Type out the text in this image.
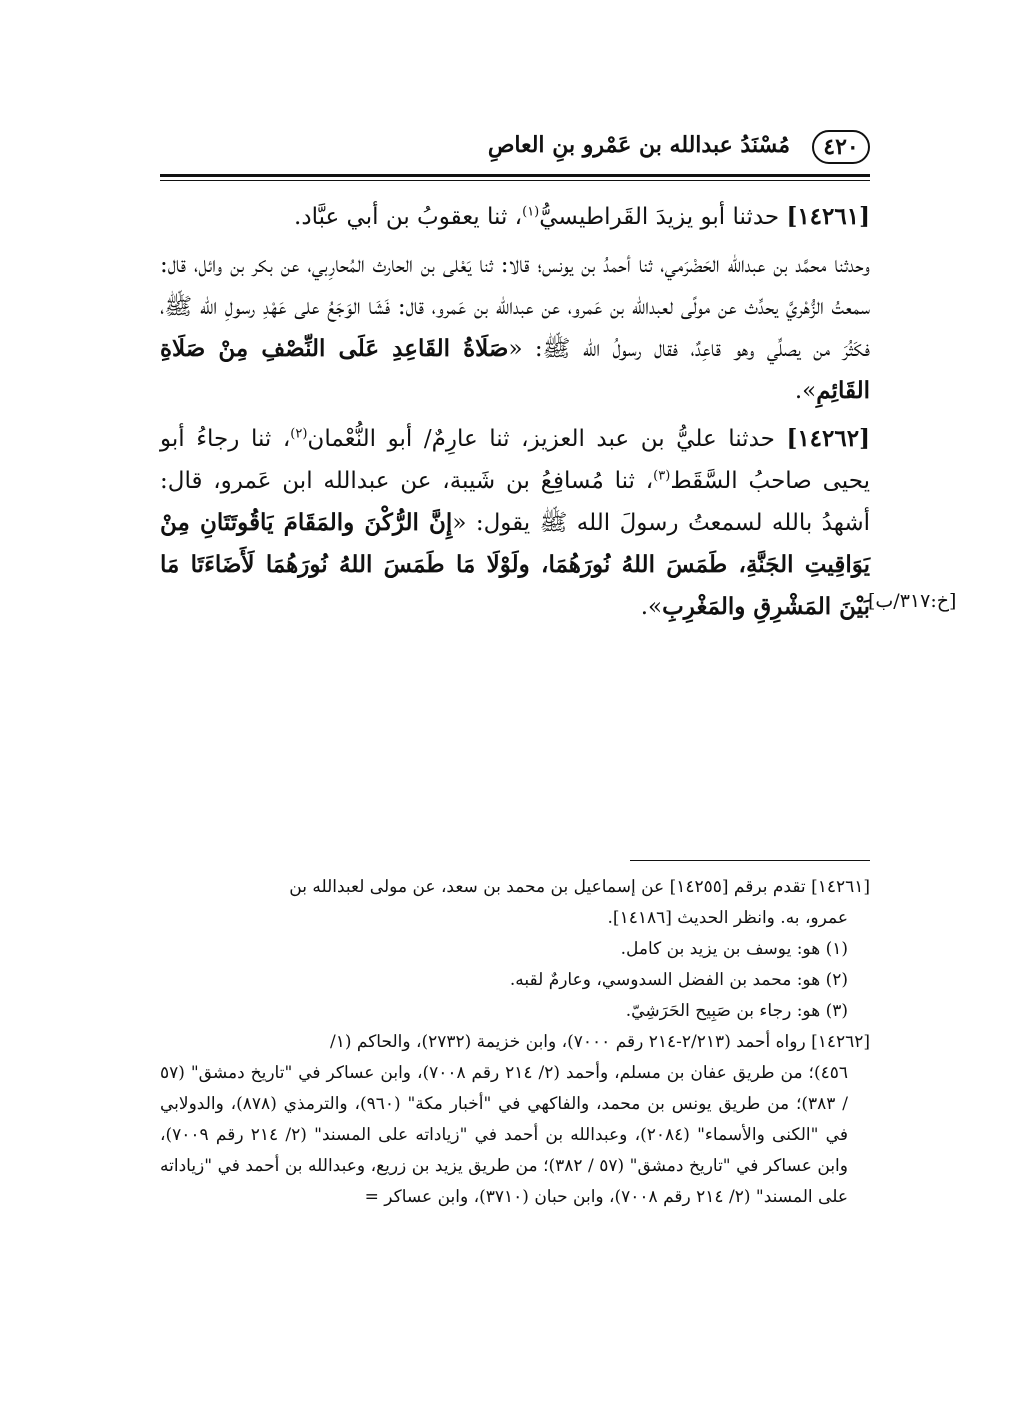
٤٢٠
مُسْنَدُ عبدالله بن عَمْرو بنِ العاصِ
[خ:٣١٧/ب]

[١٤٢٦١] حدثنا أبو يزيدَ القَراطيسيُّ$^{(١)}$، ثنا يعقوبُ بن أبي عبَّاد.

وحدثنا محمَّد بن عبدالله الحَضْرَمي، ثنا أحمدُ بن يونس؛ قالا: ثنا يَعْلى بن الحارث المُحارِبي، عن بكر بن وائل، قال: سمعتُ الزُّهْريَّ يحدِّث عن مولًى لعبدالله بن عَمرو، عن عبدالله بن عَمرو، قال: فَشَا الوَجَعُ على عَهْدِ رسولِ الله ﷺ، فكَثُرَ من يصلِّي وهو قاعِدٌ، فقال رسولُ الله ﷺ: «صَلَاةُ القَاعِدِ عَلَى النِّصْفِ مِنْ صَلَاةِ القَائِمِ».

[١٤٢٦٢] حدثنا عليُّ بن عبد العزيز، ثنا عارِمٌ/ أبو النُّعْمان$^{(٢)}$، ثنا رجاءُ أبو يحيى صاحبُ السَّقَط$^{(٣)}$، ثنا مُسافِعُ بن شَيبة، عن عبدالله ابن عَمرو، قال: أشهدُ بالله لسمعتُ رسولَ الله ﷺ يقول: «إِنَّ الرُّكْنَ والمَقَامَ يَاقُوتَتَانِ مِنْ يَوَاقِيتِ الجَنَّةِ، طَمَسَ اللهُ نُورَهُمَا، ولَوْلَا مَا طَمَسَ اللهُ نُورَهُمَا لَأَضَاءَتَا مَا بَيْنَ المَشْرِقِ والمَغْرِبِ».

[١٤٢٦١] تقدم برقم [١٤٢٥٥] عن إسماعيل بن محمد بن سعد، عن مولى لعبدالله بن

عمرو، به. وانظر الحديث [١٤١٨٦].

(١) هو: يوسف بن يزيد بن كامل.

(٢) هو: محمد بن الفضل السدوسي، وعارمٌ لقبه.

(٣) هو: رجاء بن صَبِيح الحَرَشِيّ.

[١٤٢٦٢] رواه أحمد (٢/٢١٣-٢١٤ رقم ٧٠٠٠)، وابن خزيمة (٢٧٣٢)، والحاكم (١/

٤٥٦)؛ من طريق عفان بن مسلم، وأحمد (٢/ ٢١٤ رقم ٧٠٠٨)، وابن عساكر في "تاريخ دمشق" (٥٧ / ٣٨٣)؛ من طريق يونس بن محمد، والفاكهي في "أخبار مكة" (٩٦٠)، والترمذي (٨٧٨)، والدولابي في "الكنى والأسماء" (٢٠٨٤)، وعبدالله بن أحمد في "زياداته على المسند" (٢/ ٢١٤ رقم ٧٠٠٩)، وابن عساكر في "تاريخ دمشق" (٥٧ / ٣٨٢)؛ من طريق يزيد بن زريع، وعبدالله بن أحمد في "زياداته على المسند" (٢/ ٢١٤ رقم ٧٠٠٨)، وابن حبان (٣٧١٠)، وابن عساكر =
